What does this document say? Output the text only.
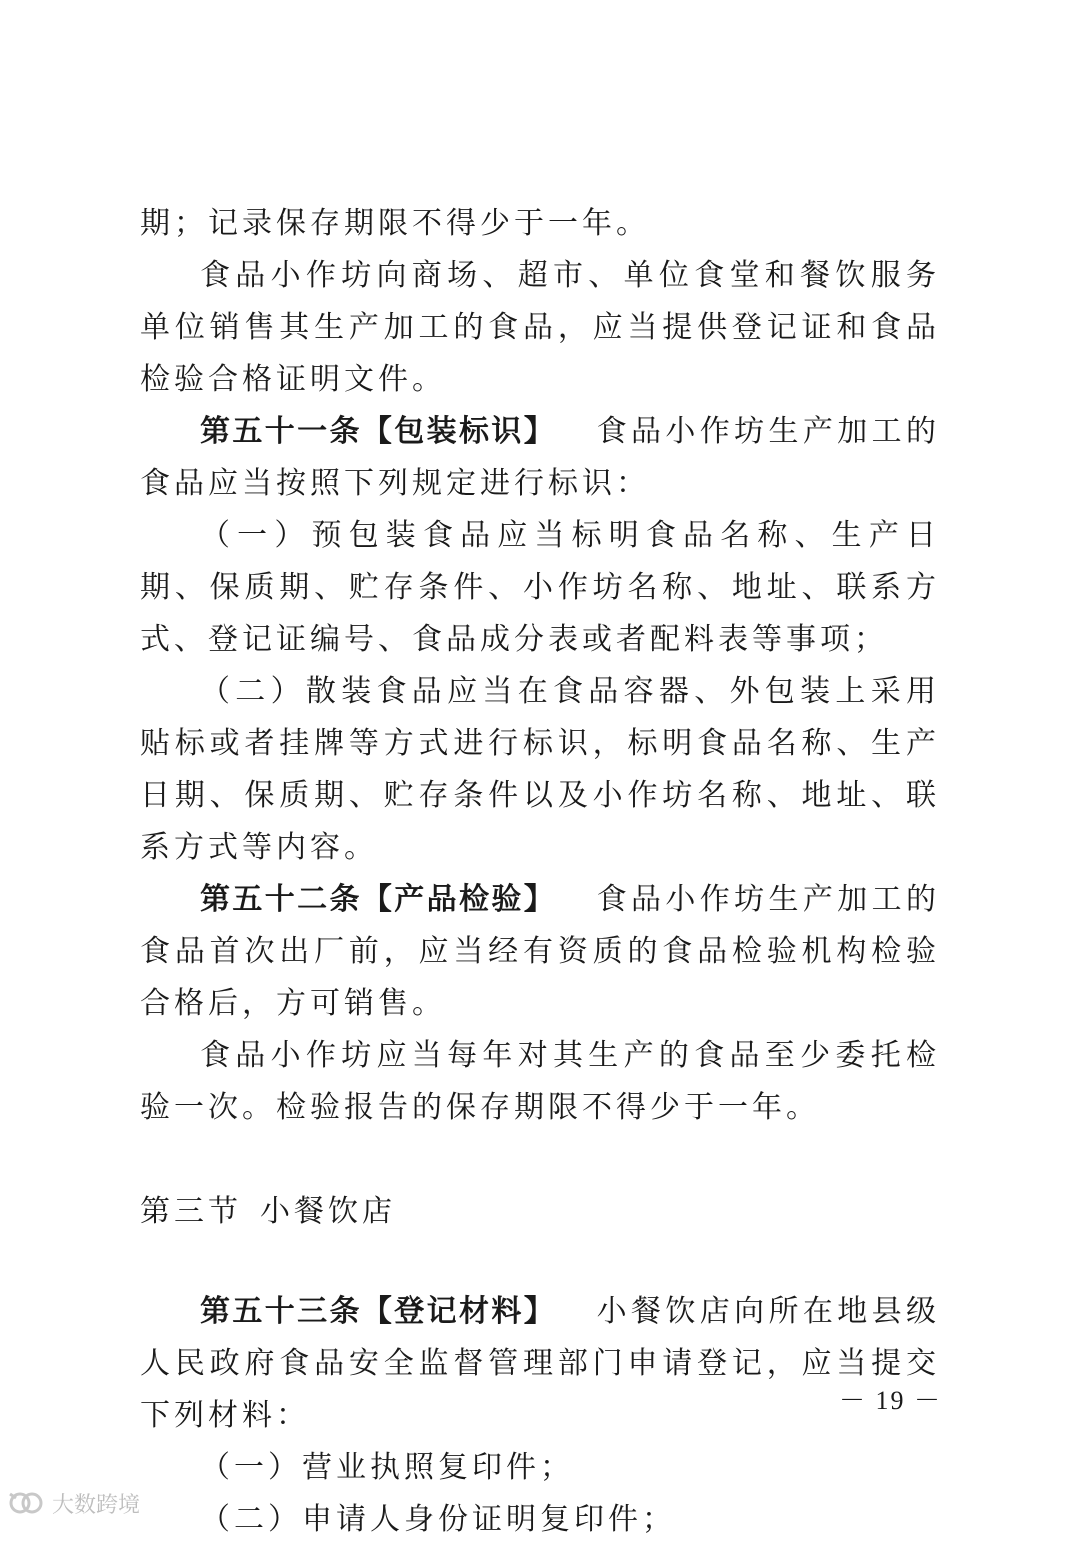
期；记录保存期限不得少于一年。

食品小作坊向商场、超市、单位食堂和餐饮服务单位销售其生产加工的食品，应当提供登记证和食品检验合格证明文件。

第五十一条【包装标识】 食品小作坊生产加工的食品应当按照下列规定进行标识：

（一）预包装食品应当标明食品名称、生产日期、保质期、贮存条件、小作坊名称、地址、联系方式、登记证编号、食品成分表或者配料表等事项；

（二）散装食品应当在食品容器、外包装上采用贴标或者挂牌等方式进行标识，标明食品名称、生产日期、保质期、贮存条件以及小作坊名称、地址、联系方式等内容。

第五十二条【产品检验】 食品小作坊生产加工的食品首次出厂前，应当经有资质的食品检验机构检验合格后，方可销售。

食品小作坊应当每年对其生产的食品至少委托检验一次。检验报告的保存期限不得少于一年。

第三节 小餐饮店

第五十三条【登记材料】 小餐饮店向所在地县级人民政府食品安全监督管理部门申请登记，应当提交下列材料：

（一）营业执照复印件；

（二）申请人身份证明复印件；

－ 19 －
大数跨境
